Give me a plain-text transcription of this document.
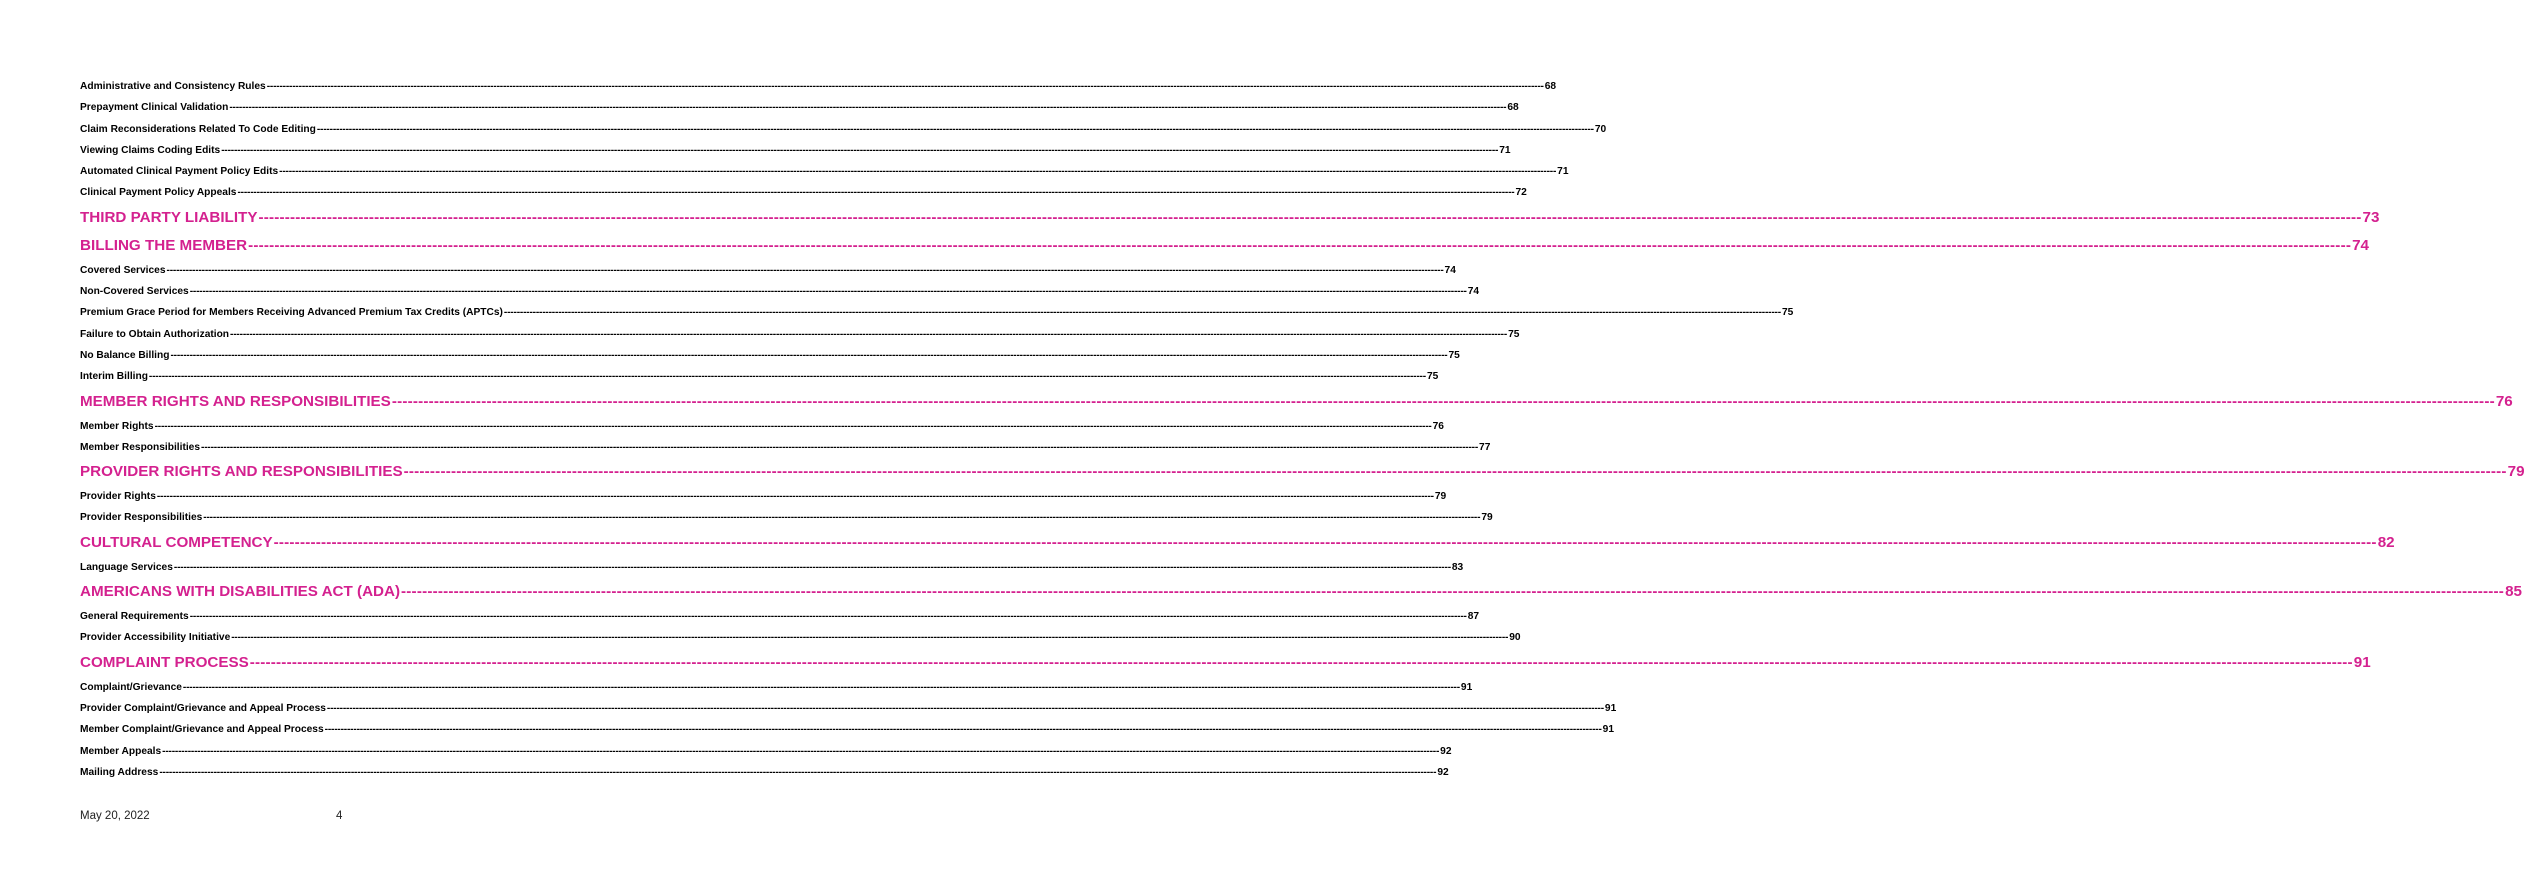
Administrative and Consistency Rules ---------------------------------------------------------------------------------------------------------------------------------------------------------------------------------------------------------------------------------------------------------------------------------------------------------------------------------------------------------------------------------------------------------------- 68
Prepayment Clinical Validation ---------------------------------------------------------------------------------------------------------------------------------------------------------------------------------------------------------------------------------------------------------------------------------------------------------------------------------------------------------------------------------------------------------------- 68
Claim Reconsiderations Related To Code Editing ---------------------------------------------------------------------------------------------------------------------------------------------------------------------------------------------------------------------------------------------------------------------------------------------------------------------------------------------------------------------------------------------------------------- 70
Viewing Claims Coding Edits ---------------------------------------------------------------------------------------------------------------------------------------------------------------------------------------------------------------------------------------------------------------------------------------------------------------------------------------------------------------------------------------------------------------- 71
Automated Clinical Payment Policy Edits ---------------------------------------------------------------------------------------------------------------------------------------------------------------------------------------------------------------------------------------------------------------------------------------------------------------------------------------------------------------------------------------------------------------- 71
Clinical Payment Policy Appeals ---------------------------------------------------------------------------------------------------------------------------------------------------------------------------------------------------------------------------------------------------------------------------------------------------------------------------------------------------------------------------------------------------------------- 72
THIRD PARTY LIABILITY ---------------------------------------------------------------------------------------------------------------------------------------------------------------------------------------------------------------------------------------------------------------------------------------------------------------------------------------------------------------------------------------------------------------- 73
BILLING THE MEMBER ---------------------------------------------------------------------------------------------------------------------------------------------------------------------------------------------------------------------------------------------------------------------------------------------------------------------------------------------------------------------------------------------------------------- 74
Covered Services ---------------------------------------------------------------------------------------------------------------------------------------------------------------------------------------------------------------------------------------------------------------------------------------------------------------------------------------------------------------------------------------------------------------- 74
Non-Covered Services ---------------------------------------------------------------------------------------------------------------------------------------------------------------------------------------------------------------------------------------------------------------------------------------------------------------------------------------------------------------------------------------------------------------- 74
Premium Grace Period for Members Receiving Advanced Premium Tax Credits (APTCs) ---------------------------------------------------------------------------------------------------------------------------------------------------------------------------------------------------------------------------------------------------------------------------------------------------------------------------------------------------------------------------------------------------------------- 75
Failure to Obtain Authorization ---------------------------------------------------------------------------------------------------------------------------------------------------------------------------------------------------------------------------------------------------------------------------------------------------------------------------------------------------------------------------------------------------------------- 75
No Balance Billing ---------------------------------------------------------------------------------------------------------------------------------------------------------------------------------------------------------------------------------------------------------------------------------------------------------------------------------------------------------------------------------------------------------------- 75
Interim Billing ---------------------------------------------------------------------------------------------------------------------------------------------------------------------------------------------------------------------------------------------------------------------------------------------------------------------------------------------------------------------------------------------------------------- 75
MEMBER RIGHTS AND RESPONSIBILITIES ---------------------------------------------------------------------------------------------------------------------------------------------------------------------------------------------------------------------------------------------------------------------------------------------------------------------------------------------------------------------------------------------------------------- 76
Member Rights ---------------------------------------------------------------------------------------------------------------------------------------------------------------------------------------------------------------------------------------------------------------------------------------------------------------------------------------------------------------------------------------------------------------- 76
Member Responsibilities ---------------------------------------------------------------------------------------------------------------------------------------------------------------------------------------------------------------------------------------------------------------------------------------------------------------------------------------------------------------------------------------------------------------- 77
PROVIDER RIGHTS AND RESPONSIBILITIES ---------------------------------------------------------------------------------------------------------------------------------------------------------------------------------------------------------------------------------------------------------------------------------------------------------------------------------------------------------------------------------------------------------------- 79
Provider Rights ---------------------------------------------------------------------------------------------------------------------------------------------------------------------------------------------------------------------------------------------------------------------------------------------------------------------------------------------------------------------------------------------------------------- 79
Provider Responsibilities ---------------------------------------------------------------------------------------------------------------------------------------------------------------------------------------------------------------------------------------------------------------------------------------------------------------------------------------------------------------------------------------------------------------- 79
CULTURAL COMPETENCY ---------------------------------------------------------------------------------------------------------------------------------------------------------------------------------------------------------------------------------------------------------------------------------------------------------------------------------------------------------------------------------------------------------------- 82
Language Services ---------------------------------------------------------------------------------------------------------------------------------------------------------------------------------------------------------------------------------------------------------------------------------------------------------------------------------------------------------------------------------------------------------------- 83
AMERICANS WITH DISABILITIES ACT (ADA) ---------------------------------------------------------------------------------------------------------------------------------------------------------------------------------------------------------------------------------------------------------------------------------------------------------------------------------------------------------------------------------------------------------------- 85
General Requirements ---------------------------------------------------------------------------------------------------------------------------------------------------------------------------------------------------------------------------------------------------------------------------------------------------------------------------------------------------------------------------------------------------------------- 87
Provider Accessibility Initiative ---------------------------------------------------------------------------------------------------------------------------------------------------------------------------------------------------------------------------------------------------------------------------------------------------------------------------------------------------------------------------------------------------------------- 90
COMPLAINT PROCESS ---------------------------------------------------------------------------------------------------------------------------------------------------------------------------------------------------------------------------------------------------------------------------------------------------------------------------------------------------------------------------------------------------------------- 91
Complaint/Grievance ---------------------------------------------------------------------------------------------------------------------------------------------------------------------------------------------------------------------------------------------------------------------------------------------------------------------------------------------------------------------------------------------------------------- 91
Provider Complaint/Grievance and Appeal Process ---------------------------------------------------------------------------------------------------------------------------------------------------------------------------------------------------------------------------------------------------------------------------------------------------------------------------------------------------------------------------------------------------------------- 91
Member Complaint/Grievance and Appeal Process ---------------------------------------------------------------------------------------------------------------------------------------------------------------------------------------------------------------------------------------------------------------------------------------------------------------------------------------------------------------------------------------------------------------- 91
Member Appeals ---------------------------------------------------------------------------------------------------------------------------------------------------------------------------------------------------------------------------------------------------------------------------------------------------------------------------------------------------------------------------------------------------------------- 92
Mailing Address ---------------------------------------------------------------------------------------------------------------------------------------------------------------------------------------------------------------------------------------------------------------------------------------------------------------------------------------------------------------------------------------------------------------- 92
May 20, 2022	4
